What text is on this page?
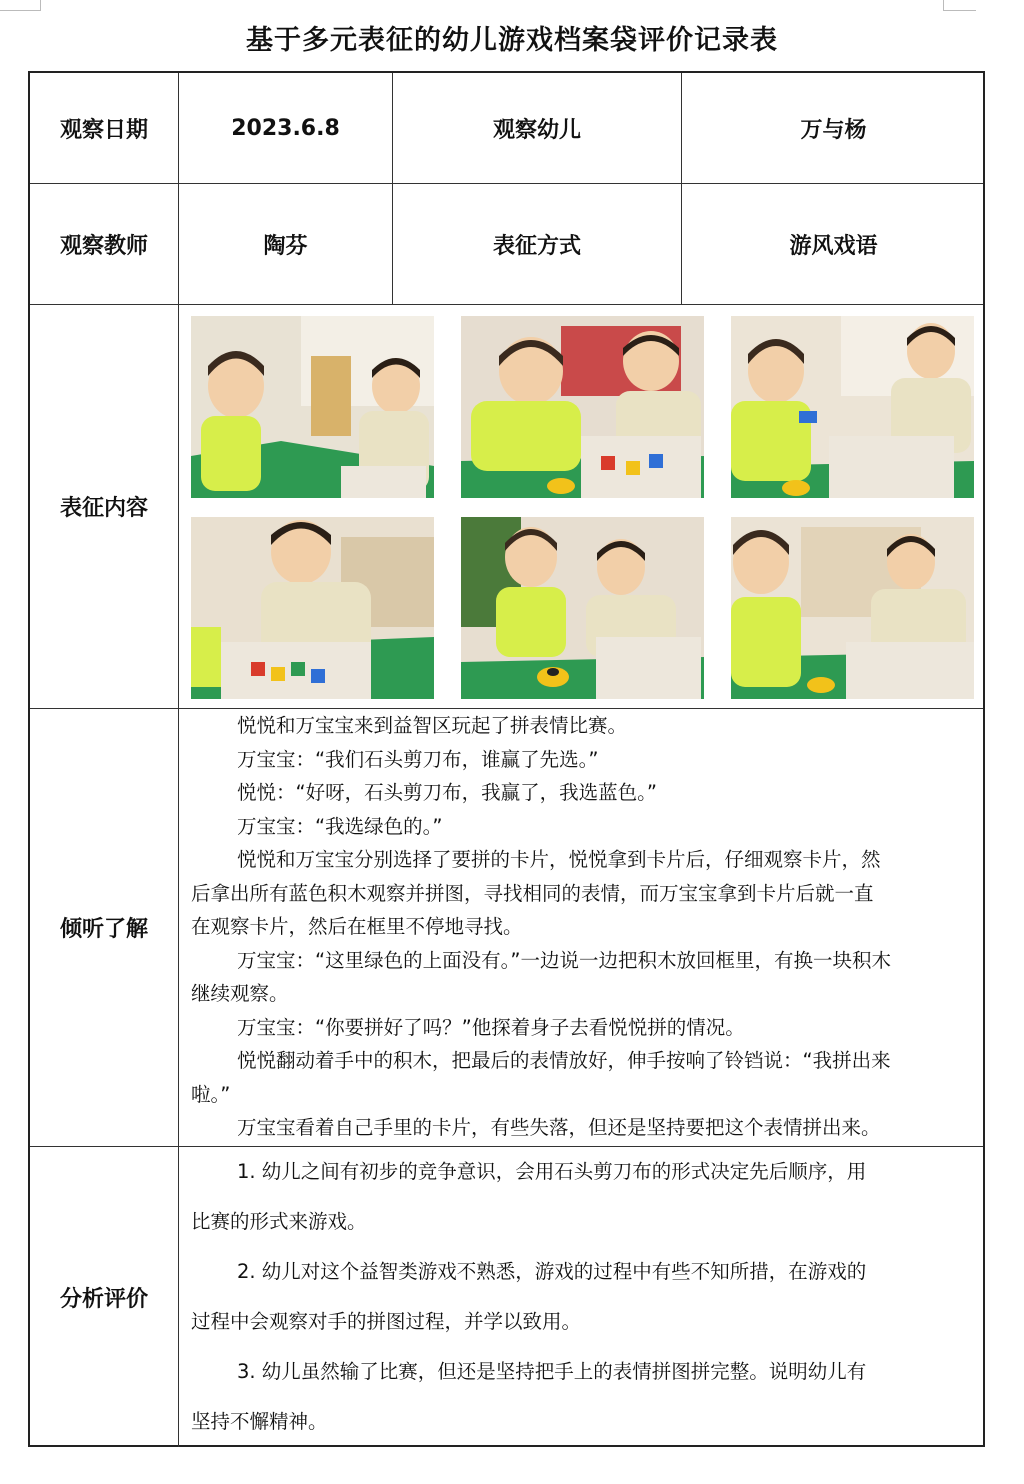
基于多元表征的幼儿游戏档案袋评价记录表
观察日期	2023.6.8	观察幼儿	万与杨
观察教师	陶芬	表征方式	游风戏语
表征内容
倾听了解
悦悦和万宝宝来到益智区玩起了拼表情比赛。
万宝宝：“我们石头剪刀布，谁赢了先选。”
悦悦：“好呀，石头剪刀布，我赢了，我选蓝色。”
万宝宝：“我选绿色的。”
悦悦和万宝宝分别选择了要拼的卡片，悦悦拿到卡片后，仔细观察卡片，然
后拿出所有蓝色积木观察并拼图，寻找相同的表情，而万宝宝拿到卡片后就一直
在观察卡片，然后在框里不停地寻找。
万宝宝：“这里绿色的上面没有。”一边说一边把积木放回框里，有换一块积木
继续观察。
万宝宝：“你要拼好了吗？”他探着身子去看悦悦拼的情况。
悦悦翻动着手中的积木，把最后的表情放好，伸手按响了铃铛说：“我拼出来
啦。”
万宝宝看着自己手里的卡片，有些失落，但还是坚持要把这个表情拼出来。
分析评价
1. 幼儿之间有初步的竞争意识，会用石头剪刀布的形式决定先后顺序，用
比赛的形式来游戏。
2. 幼儿对这个益智类游戏不熟悉，游戏的过程中有些不知所措，在游戏的
过程中会观察对手的拼图过程，并学以致用。
3. 幼儿虽然输了比赛，但还是坚持把手上的表情拼图拼完整。说明幼儿有
坚持不懈精神。
